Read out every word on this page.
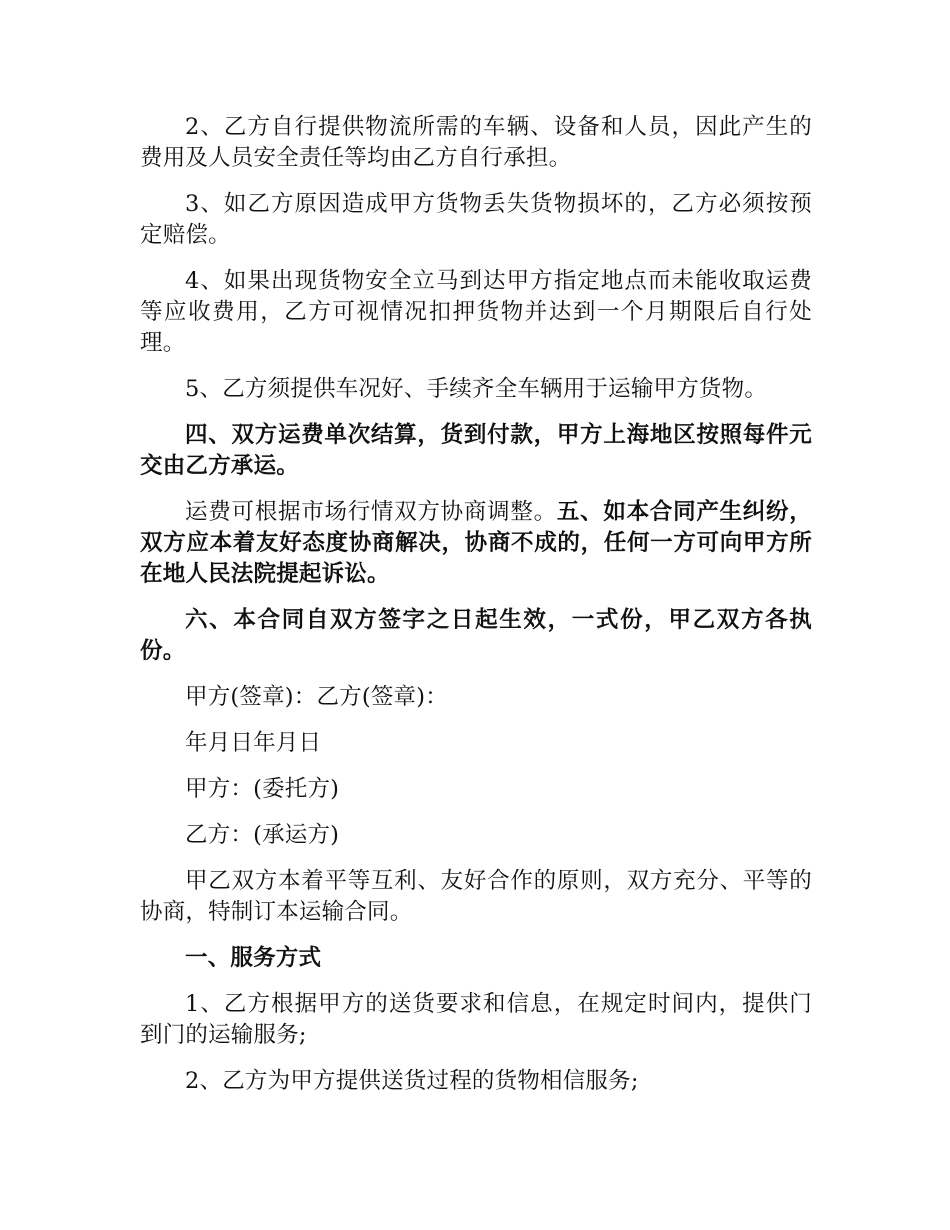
2、乙方自行提供物流所需的车辆、设备和人员，因此产生的费用及人员安全责任等均由乙方自行承担。

3、如乙方原因造成甲方货物丢失货物损坏的，乙方必须按预定赔偿。

4、如果出现货物安全立马到达甲方指定地点而未能收取运费等应收费用，乙方可视情况扣押货物并达到一个月期限后自行处理。

5、乙方须提供车况好、手续齐全车辆用于运输甲方货物。

四、双方运费单次结算，货到付款，甲方上海地区按照每件元交由乙方承运。

运费可根据市场行情双方协商调整。五、如本合同产生纠纷，双方应本着友好态度协商解决，协商不成的，任何一方可向甲方所在地人民法院提起诉讼。

六、本合同自双方签字之日起生效，一式份，甲乙双方各执份。

甲方(签章)：乙方(签章)：

年月日年月日

甲方：(委托方)

乙方：(承运方)

甲乙双方本着平等互利、友好合作的原则，双方充分、平等的协商，特制订本运输合同。

一、服务方式

1、乙方根据甲方的送货要求和信息，在规定时间内，提供门到门的运输服务;

2、乙方为甲方提供送货过程的货物相信服务;
